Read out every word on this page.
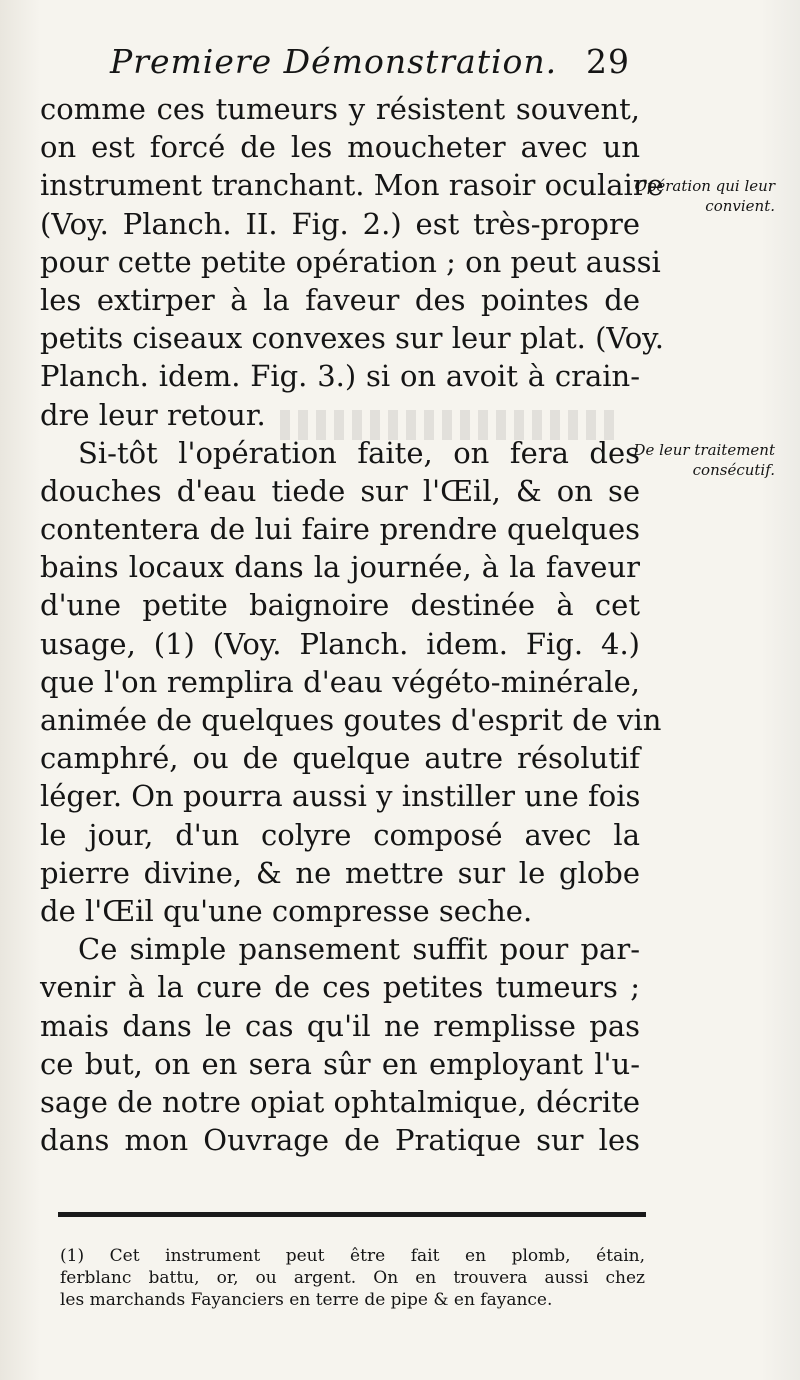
Premiere Démonstration. 29
comme ces tumeurs y résistent souvent,
on est forcé de les moucheter avec un
instrument tranchant. Mon rasoir oculaire
(Voy. Planch. II. Fig. 2.) est très-propre
pour cette petite opération ; on peut aussi
les extirper à la faveur des pointes de
petits ciseaux convexes sur leur plat. (Voy.
Planch. idem. Fig. 3.) si on avoit à crain-
dre leur retour.
Si-tôt l'opération faite, on fera des
douches d'eau tiede sur l'Œil, & on se
contentera de lui faire prendre quelques
bains locaux dans la journée, à la faveur
d'une petite baignoire destinée à cet
usage, (1) (Voy. Planch. idem. Fig. 4.)
que l'on remplira d'eau végéto-minérale,
animée de quelques goutes d'esprit de vin
camphré, ou de quelque autre résolutif
léger. On pourra aussi y instiller une fois
le jour, d'un colyre composé avec la
pierre divine, & ne mettre sur le globe
de l'Œil qu'une compresse seche.
Ce simple pansement suffit pour par-
venir à la cure de ces petites tumeurs ;
mais dans le cas qu'il ne remplisse pas
ce but, on en sera sûr en employant l'u-
sage de notre opiat ophtalmique, décrite
dans mon Ouvrage de Pratique sur les
Opération qui leur convient.
De leur traitement consécutif.
(1) Cet instrument peut être fait en plomb, étain,
ferblanc battu, or, ou argent. On en trouvera aussi chez
les marchands Fayanciers en terre de pipe & en fayance.
